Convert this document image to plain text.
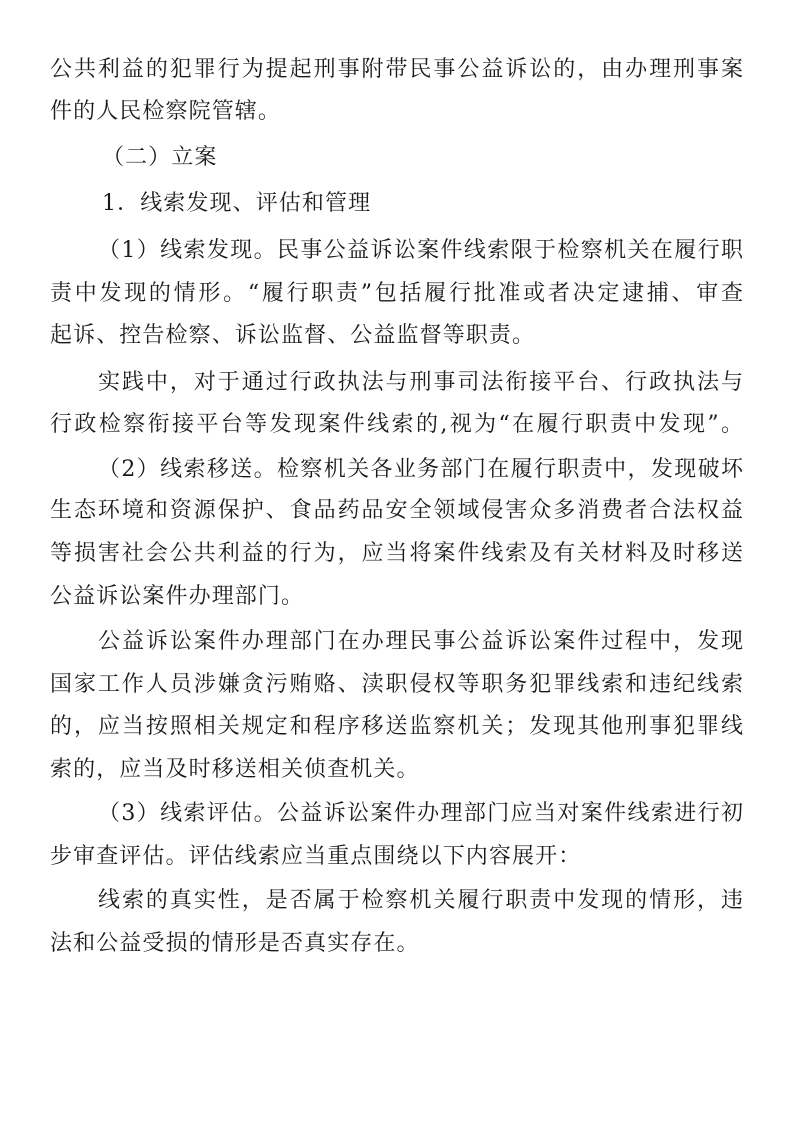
公共利益的犯罪行为提起刑事附带民事公益诉讼的，由办理刑事案
件的人民检察院管辖。
（二）立案
1．线索发现、评估和管理
（1）线索发现。民事公益诉讼案件线索限于检察机关在履行职
责中发现的情形。“履行职责”包括履行批准或者决定逮捕、审查
起诉、控告检察、诉讼监督、公益监督等职责。
实践中，对于通过行政执法与刑事司法衔接平台、行政执法与
行政检察衔接平台等发现案件线索的,视为“在履行职责中发现”。
（2）线索移送。检察机关各业务部门在履行职责中，发现破坏
生态环境和资源保护、食品药品安全领域侵害众多消费者合法权益
等损害社会公共利益的行为，应当将案件线索及有关材料及时移送
公益诉讼案件办理部门。
公益诉讼案件办理部门在办理民事公益诉讼案件过程中，发现
国家工作人员涉嫌贪污贿赂、渎职侵权等职务犯罪线索和违纪线索
的，应当按照相关规定和程序移送监察机关；发现其他刑事犯罪线
索的，应当及时移送相关侦查机关。
（3）线索评估。公益诉讼案件办理部门应当对案件线索进行初
步审查评估。评估线索应当重点围绕以下内容展开：
线索的真实性，是否属于检察机关履行职责中发现的情形，违
法和公益受损的情形是否真实存在。
